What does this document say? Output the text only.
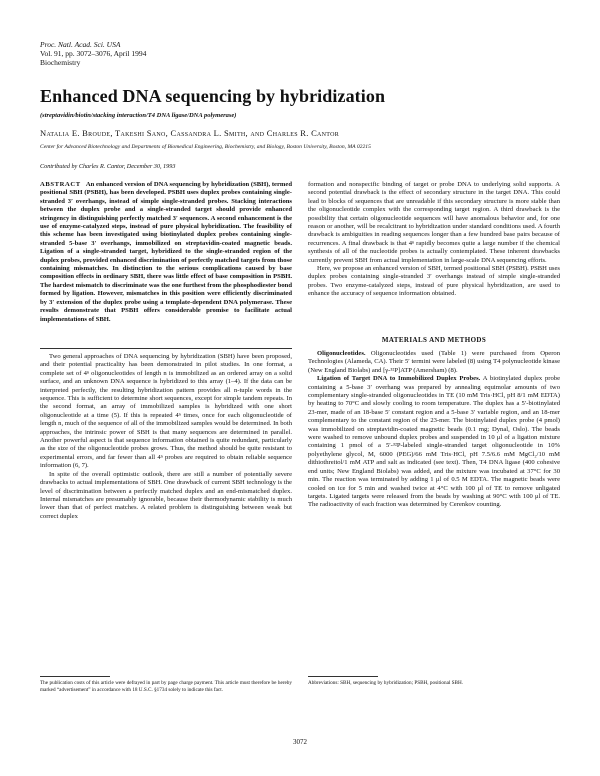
Proc. Natl. Acad. Sci. USA
Vol. 91, pp. 3072–3076, April 1994
Biochemistry
Enhanced DNA sequencing by hybridization
(streptavidin/biotin/stacking interaction/T4 DNA ligase/DNA polymerase)
Natalia E. Broude, Takeshi Sano, Cassandra L. Smith, and Charles R. Cantor
Center for Advanced Biotechnology and Departments of Biomedical Engineering, Biochemistry, and Biology, Boston University, Boston, MA 02215
Contributed by Charles R. Cantor, December 30, 1993
ABSTRACT An enhanced version of DNA sequencing by hybridization (SBH), termed positional SBH (PSBH), has been developed. PSBH uses duplex probes containing single-stranded 3′ overhangs, instead of simple single-stranded probes. Stacking interactions between the duplex probe and a single-stranded target should provide enhanced stringency in distinguishing perfectly matched 3′ sequences. A second enhancement is the use of enzyme-catalyzed steps, instead of pure physical hybridization. The feasibility of this scheme has been investigated using biotinylated duplex probes containing single-stranded 5-base 3′ overhangs, immobilized on streptavidin-coated magnetic beads. Ligation of a single-stranded target, hybridized to the single-stranded region of the duplex probes, provided enhanced discrimination of perfectly matched targets from those containing mismatches. In distinction to the serious complications caused by base composition effects in ordinary SBH, there was little effect of base composition in PSBH. The hardest mismatch to discriminate was the one furthest from the phosphodiester bond formed by ligation. However, mismatches in this position were efficiently discriminated by 3′ extension of the duplex probe using a template-dependent DNA polymerase. These results demonstrate that PSBH offers considerable promise to facilitate actual implementations of SBH.

Two general approaches of DNA sequencing by hybridization (SBH) have been proposed, and their potential practicality has been demonstrated in pilot studies. In one format, a complete set of 4ⁿ oligonucleotides of length n is immobilized as an ordered array on a solid surface, and an unknown DNA sequence is hybridized to this array (1–4). If the data can be interpreted perfectly, the resulting hybridization pattern provides all n-tuple words in the sequence. This is sufficient to determine short sequences, except for simple tandem repeats. In the second format, an array of immobilized samples is hybridized with one short oligonucleotide at a time (5). If this is repeated 4ⁿ times, once for each oligonucleotide of length n, much of the sequence of all of the immobilized samples would be determined. In both approaches, the intrinsic power of SBH is that many sequences are determined in parallel. Another powerful aspect is that sequence information obtained is quite redundant, particularly as the size of the oligonucleotide probes grows. Thus, the method should be quite resistant to experimental errors, and far fewer than all 4ⁿ probes are required to obtain reliable sequence information (6, 7).

In spite of the overall optimistic outlook, there are still a number of potentially severe drawbacks to actual implementations of SBH. One drawback of current SBH technology is the level of discrimination between a perfectly matched duplex and an end-mismatched duplex. Internal mismatches are presumably ignorable, because their thermodynamic stability is much lower than that of perfect matches. A related problem is distinguishing between weak but correct duplex

The publication costs of this article were defrayed in part by page charge payment. This article must therefore be hereby marked “advertisement” in accordance with 18 U.S.C. §1734 solely to indicate this fact.

formation and nonspecific binding of target or probe DNA to underlying solid supports. A second potential drawback is the effect of secondary structure in the target DNA. This could lead to blocks of sequences that are unreadable if this secondary structure is more stable than the oligonucleotide complex with the corresponding target region. A third drawback is the possibility that certain oligonucleotide sequences will have anomalous behavior and, for one reason or another, will be recalcitrant to hybridization under standard conditions used. A fourth drawback is ambiguities in reading sequences longer than a few hundred base pairs because of recurrences. A final drawback is that 4ⁿ rapidly becomes quite a large number if the chemical synthesis of all of the nucleotide probes is actually contemplated. These inherent drawbacks currently prevent SBH from actual implementation in large-scale DNA sequencing efforts.

Here, we propose an enhanced version of SBH, termed positional SBH (PSBH). PSBH uses duplex probes containing single-stranded 3′ overhangs instead of simple single-stranded probes. Two enzyme-catalyzed steps, instead of pure physical hybridization, are used to enhance the accuracy of sequence information obtained.

MATERIALS AND METHODS

Oligonucleotides. Oligonucleotides used (Table 1) were purchased from Operon Technologies (Alameda, CA). Their 5′ termini were labeled (8) using T4 polynucleotide kinase (New England Biolabs) and [γ-³²P]ATP (Amersham) (8).

Ligation of Target DNA to Immobilized Duplex Probes. A biotinylated duplex probe containing a 5-base 3′ overhang was prepared by annealing equimolar amounts of two complementary single-stranded oligonucleotides in TE (10 mM Tris·HCl, pH 8/1 mM EDTA) by heating to 70°C and slowly cooling to room temperature. The duplex has a 5′-biotinylated 23-mer, made of an 18-base 5′ constant region and a 5-base 3′ variable region, and an 18-mer complementary to the constant region of the 23-mer. The biotinylated duplex probe (4 pmol) was immobilized on streptavidin-coated magnetic beads (0.1 mg; Dynal, Oslo). The beads were washed to remove unbound duplex probes and suspended in 10 μl of a ligation mixture containing 1 pmol of a 5′-³²P-labeled single-stranded target oligonucleotide in 10% polyethylene glycol, M, 6000 (PEG)/66 mM Tris·HCl, pH 7.5/6.6 mM MgCl₂/10 mM dithiothreitol/1 mM ATP and salt as indicated (see text). Then, T4 DNA ligase (400 cohesive end units; New England Biolabs) was added, and the mixture was incubated at 37°C for 30 min. The reaction was terminated by adding 1 μl of 0.5 M EDTA. The magnetic beads were cooled on ice for 5 min and washed twice at 4°C with 100 μl of TE to remove unligated targets. Ligated targets were released from the beads by washing at 90°C with 100 μl of TE. The radioactivity of each fraction was determined by Cerenkov counting.

Abbreviations: SBH, sequencing by hybridization; PSBH, positional SBH.
3072
